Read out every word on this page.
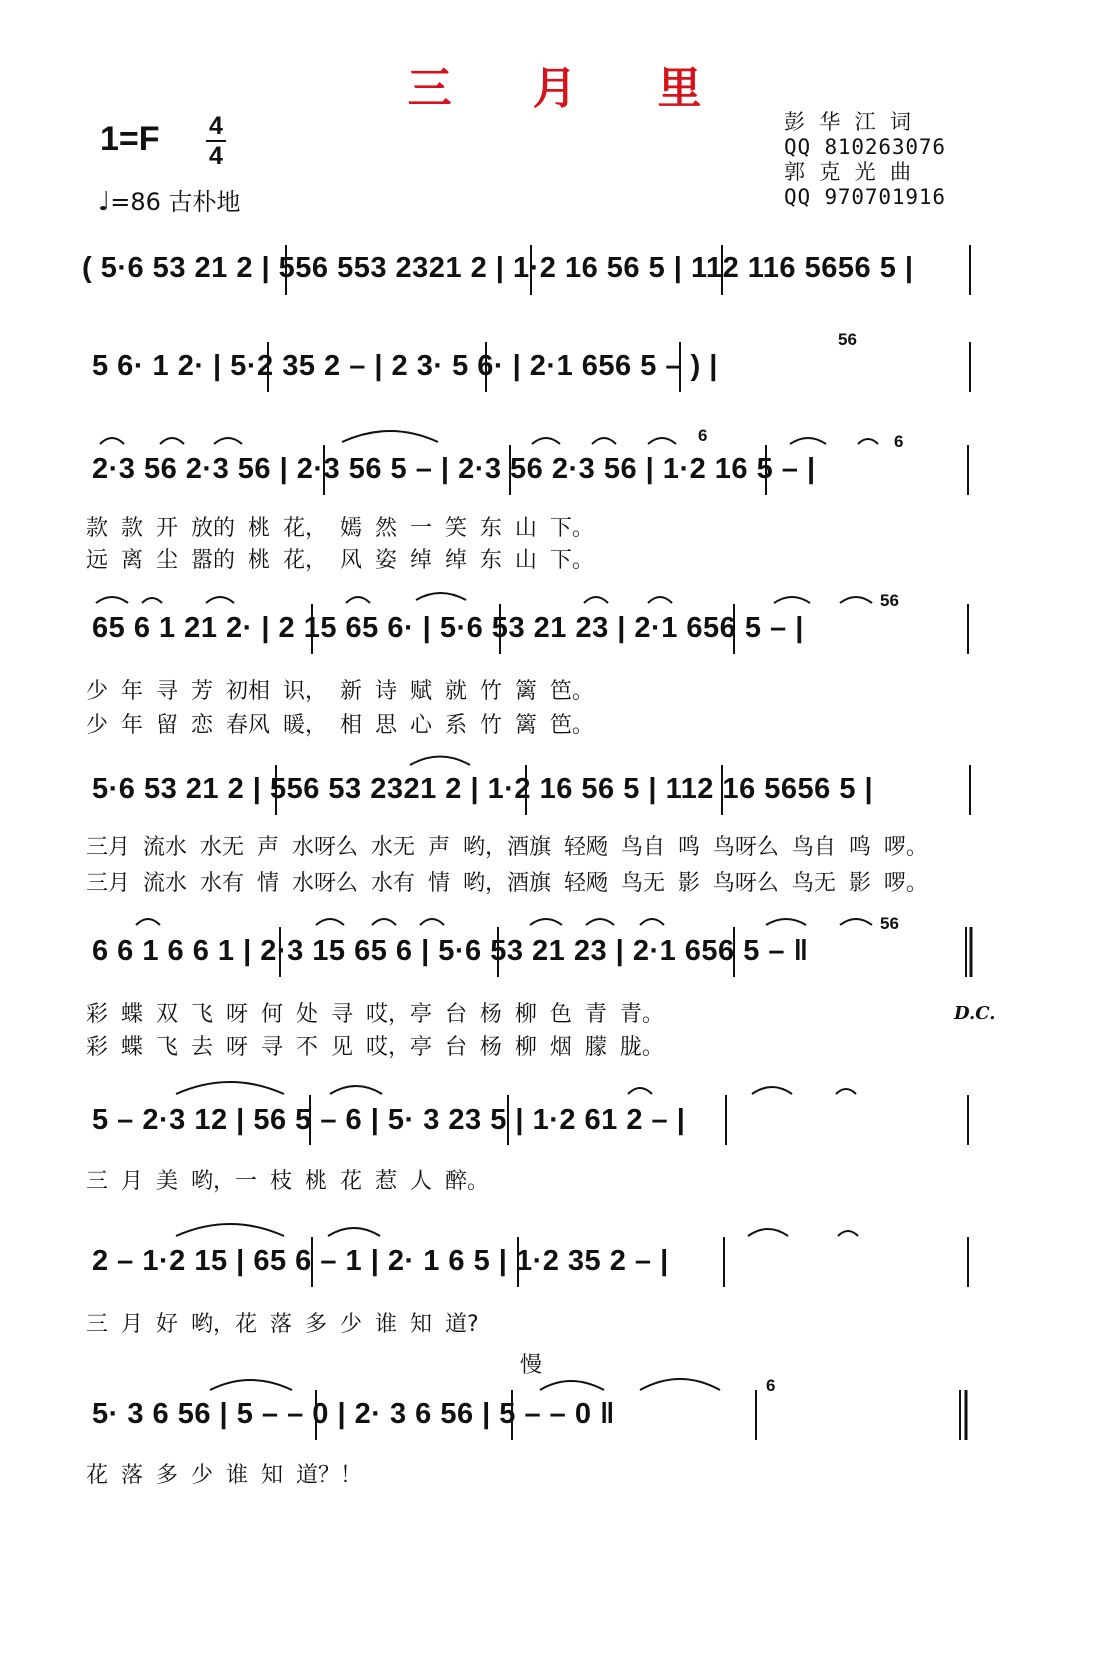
三 月 里
1=F 4
4
♩=86 古朴地
彭 华 江 词
QQ 810263076
郭 克 光 曲
QQ 970701916
( 5·6 53 21 2 | 556 553 2321 2 | 1·2 16 56 5 | 112 116 5656 5 |
5 6· 1 2· | 5·2 35 2 – | 2 3· 5 6· | 2·1 656 5 – ) |
2·3 56 2·3 56 | 2·3 56 5 – | 2·3 56 2·3 56 | 1·2 16 5 – |
款 款 开 放的 桃 花， 嫣 然 一 笑 东 山 下。
远 离 尘 嚣的 桃 花， 风 姿 绰 绰 东 山 下。
65 6 1 21 2· | 2 15 65 6· | 5·6 53 21 23 | 2·1 656 5 – |
少 年 寻 芳 初相 识， 新 诗 赋 就 竹 篱 笆。
少 年 留 恋 春风 暖， 相 思 心 系 竹 篱 笆。
5·6 53 21 2 | 556 53 2321 2 | 1·2 16 56 5 | 112 16 5656 5 |
三月 流水 水无 声 水呀么 水无 声 哟，酒旗 轻飏 鸟自 鸣 鸟呀么 鸟自 鸣 啰。
三月 流水 水有 情 水呀么 水有 情 哟，酒旗 轻飏 鸟无 影 鸟呀么 鸟无 影 啰。
6 6 1 6 6 1 | 2·3 15 65 6 | 5·6 53 21 23 | 2·1 656 5 – ‖
彩 蝶 双 飞 呀 何 处 寻 哎，亭 台 杨 柳 色 青 青。
彩 蝶 飞 去 呀 寻 不 见 哎，亭 台 杨 柳 烟 朦 胧。
D.C.
5 – 2·3 12 | 56 5 – 6 | 5· 3 23 5 | 1·2 61 2 – |
三 月 美 哟，一 枝 桃 花 惹 人 醉。
2 – 1·2 15 | 65 6 – 1 | 2· 1 6 5 | 1·2 35 2 – |
三 月 好 哟，花 落 多 少 谁 知 道?
慢
5· 3 6 56 | 5 – – 0 | 2· 3 6 56 | 5 – – 0 ‖
花 落 多 少 谁 知 道？！
56
6	6
56
56
6
